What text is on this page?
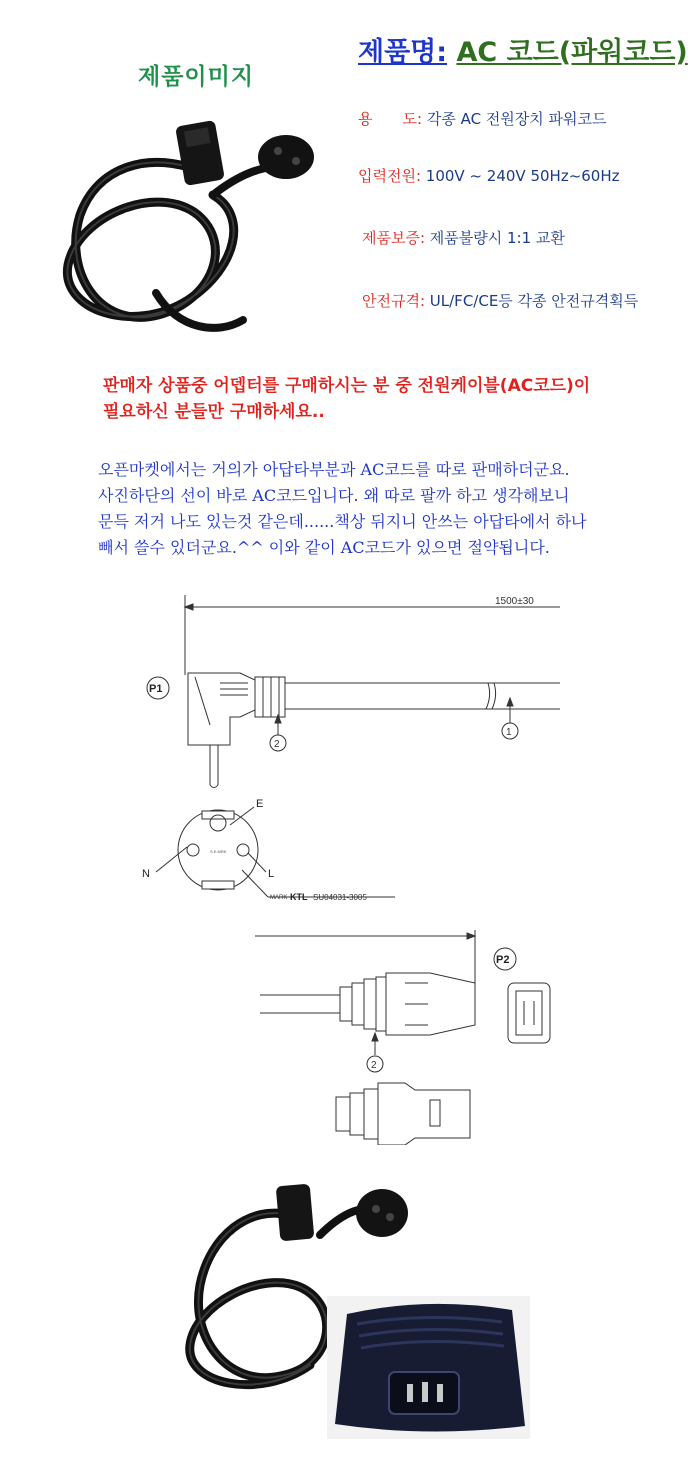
제품이미지
제품명: AC 코드(파워코드)
용　　도: 각종 AC 전원장치 파워코드
입력전원: 100V ~ 240V 50Hz~60Hz
제품보증: 제품불량시 1:1 교환
안전규격: UL/FC/CE등 각종 안전규격획득
판매자 상품중 어뎁터를 구매하시는 분 중 전원케이블(AC코드)이
필요하신 분들만 구매하세요..

오픈마켓에서는 거의가 아답타부분과 AC코드를 따로 판매하더군요.

사진하단의 선이 바로 AC코드입니다. 왜 따로 팔까 하고 생각해보니

문득 저거 나도 있는것 같은데......책상 뒤지니 안쓰는 아답타에서 하나

빼서 쓸수 있더군요.^^ 이와 같이 AC코드가 있으면 절약됩니다.

1500±30
P1
2
1
S.E.MRK
E
N	L
MARK KTL SU04031-3005
P2
2
